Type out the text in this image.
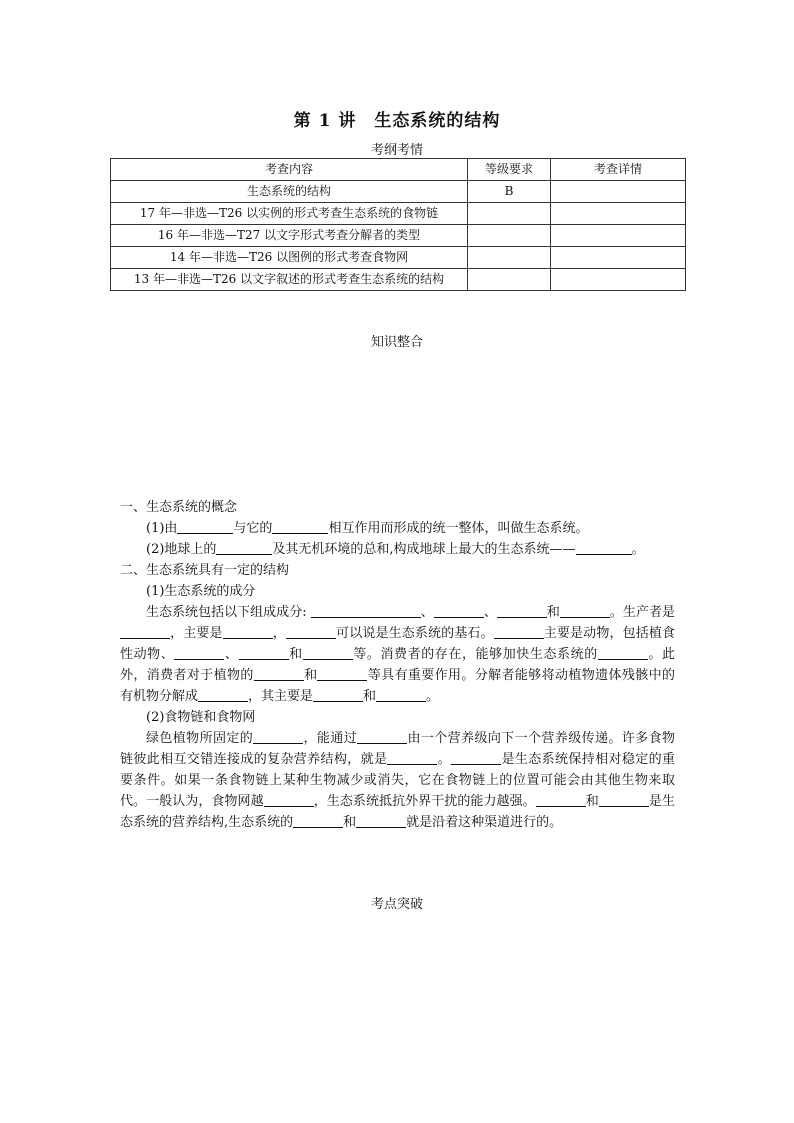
第 1 讲　生态系统的结构
考纲考情
考查内容	等级要求	考查详情
生态系统的结构	B	
17 年—非选—T26 以实例的形式考查生态系统的食物链		
16 年—非选—T27 以文字形式考查分解者的类型		
14 年—非选—T26 以图例的形式考查食物网		
13 年—非选—T26 以文字叙述的形式考查生态系统的结构		
知识整合

一、生态系统的概念

(1)由	与它的	相互作用而形成的统一整体，叫做生态系统。

(2)地球上的	及其无机环境的总和,构成地球上最大的生态系统——	。

二、生态系统具有一定的结构

(1)生态系统的成分

生态系统包括以下组成成分:	、	、	和	。生产者是，主要是	，	可以说是生态系统的基石。	主要是动物，包括植食性动物、	、	和	等。消费者的存在，能够加快生态系统的	。此外，消费者对于植物的	和	等具有重要作用。分解者能够将动植物遗体残骸中的有机物分解成	，其主要是	和	。

(2)食物链和食物网

绿色植物所固定的	，能通过	由一个营养级向下一个营养级传递。许多食物链彼此相互交错连接成的复杂营养结构，就是	。	是生态系统保持相对稳定的重要条件。如果一条食物链上某种生物减少或消失，它在食物链上的位置可能会由其他生物来取代。一般认为，食物网越	，生态系统抵抗外界干扰的能力越强。	和	是生态系统的营养结构,生态系统的	和	就是沿着这种渠道进行的。

考点突破
